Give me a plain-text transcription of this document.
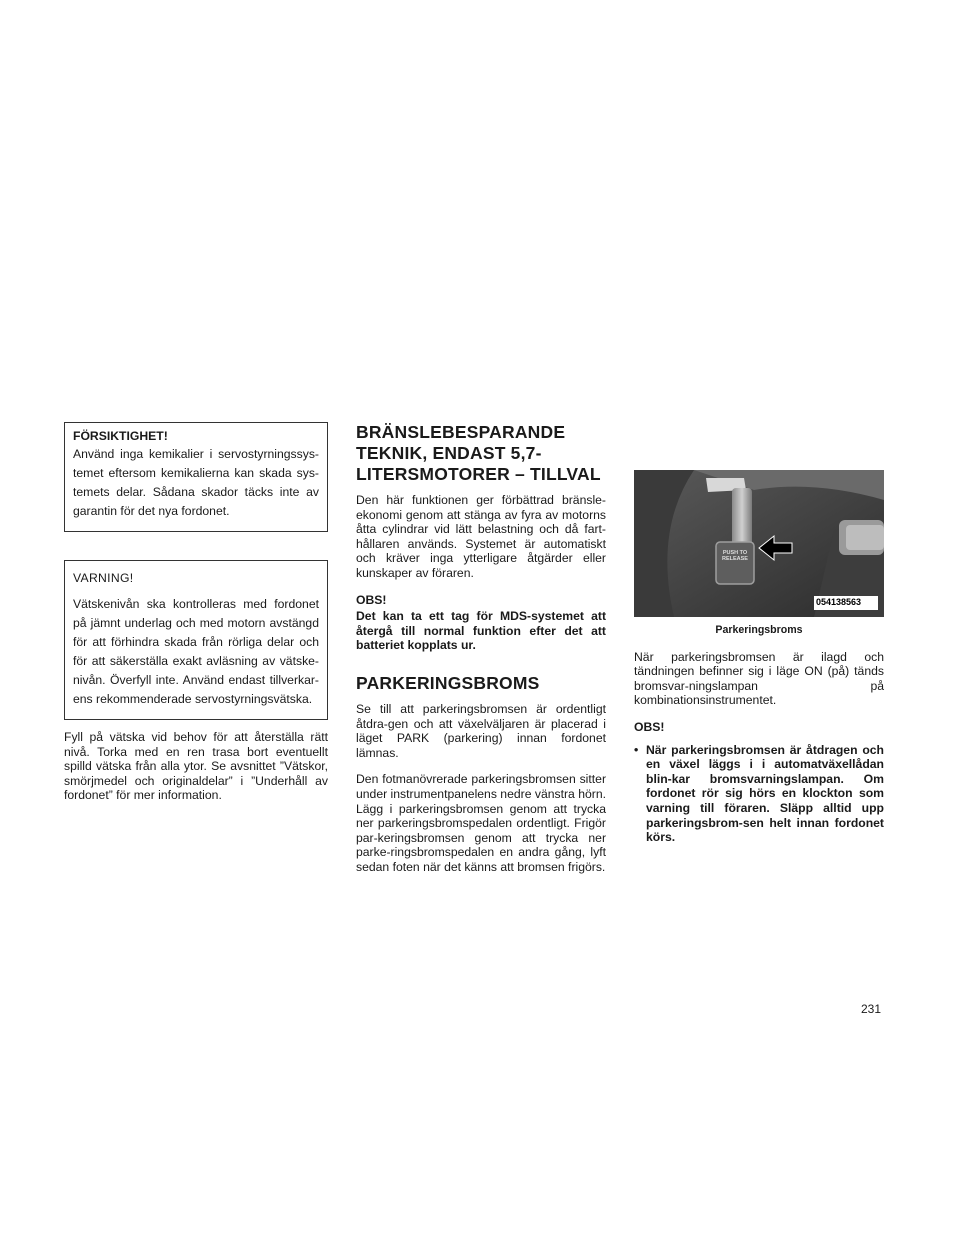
FÖRSIKTIGHET!
Använd inga kemikalier i servostyrningssys-temet eftersom kemikalierna kan skada sys-temets delar. Sådana skador täcks inte av garantin för det nya fordonet.
VARNING!
Vätskenivån ska kontrolleras med fordonet på jämnt underlag och med motorn avstängd för att förhindra skada från rörliga delar och för att säkerställa exakt avläsning av vätske-nivån. Överfyll inte. Använd endast tillverkar-ens rekommenderade servostyrningsvätska.

Fyll på vätska vid behov för att återställa rätt nivå. Torka med en ren trasa bort eventuellt spilld vätska från alla ytor. Se avsnittet ”Vätskor, smörjmedel och originaldelar” i ”Underhåll av fordonet” för mer information.

BRÄNSLEBESPARANDE TEKNIK, ENDAST 5,7-LITERSMOTORER – TILLVAL

Den här funktionen ger förbättrad bränsle-ekonomi genom att stänga av fyra av motorns åtta cylindrar vid lätt belastning och då fart-hållaren används. Systemet är automatiskt och kräver inga ytterligare åtgärder eller kunskaper av föraren.

OBS!

Det kan ta ett tag för MDS-systemet att återgå till normal funktion efter det att batteriet kopplats ur.

PARKERINGSBROMS

Se till att parkeringsbromsen är ordentligt åtdra-gen och att växelväljaren är placerad i läget PARK (parkering) innan fordonet lämnas.

Den fotmanövrerade parkeringsbromsen sitter under instrumentpanelens nedre vänstra hörn. Lägg i parkeringsbromsen genom att trycka ner parkeringsbromspedalen ordentligt. Frigör par-keringsbromsen genom att trycka ner parke-ringsbromspedalen en andra gång, lyft sedan foten när det känns att bromsen frigörs.

PUSH TO RELEASE
054138563

Parkeringsbroms

När parkeringsbromsen är ilagd och tändningen befinner sig i läge ON (på) tänds bromsvar-ningslampan på kombinationsinstrumentet.

OBS!

• När parkeringsbromsen är åtdragen och en växel läggs i i automatväxellådan blin-kar bromsvarningslampan. Om fordonet rör sig hörs en klockton som varning till föraren. Släpp alltid upp parkeringsbrom-sen helt innan fordonet körs.
231
